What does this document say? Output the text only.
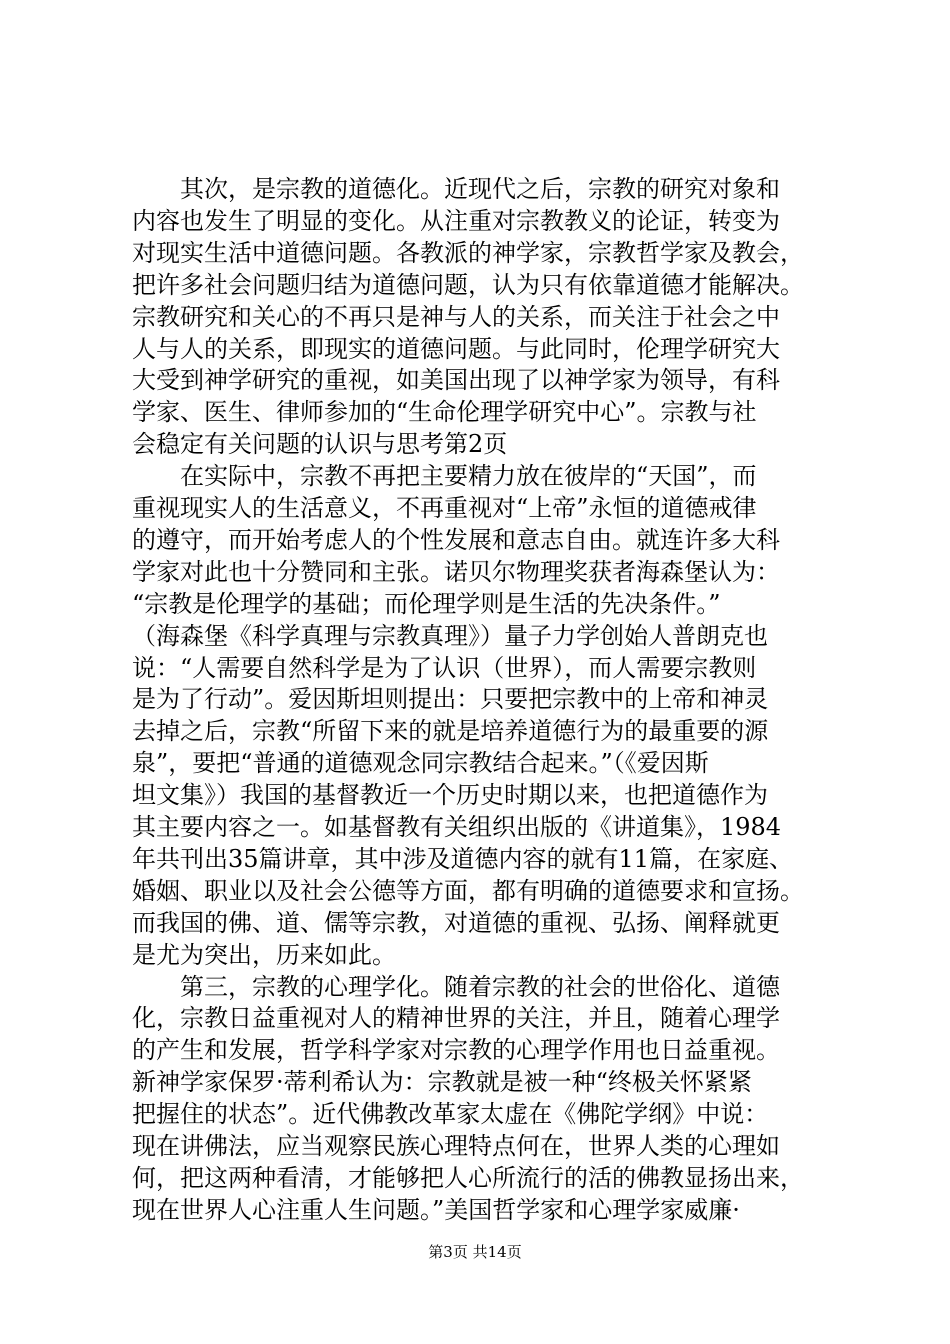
　　其次，是宗教的道德化。近现代之后，宗教的研究对象和
内容也发生了明显的变化。从注重对宗教教义的论证，转变为
对现实生活中道德问题。各教派的神学家，宗教哲学家及教会，
把许多社会问题归结为道德问题，认为只有依靠道德才能解决。
宗教研究和关心的不再只是神与人的关系，而关注于社会之中
人与人的关系，即现实的道德问题。与此同时，伦理学研究大
大受到神学研究的重视，如美国出现了以神学家为领导，有科
学家、医生、律师参加的“生命伦理学研究中心”。宗教与社
会稳定有关问题的认识与思考第2页
　　在实际中，宗教不再把主要精力放在彼岸的“天国”，而
重视现实人的生活意义，不再重视对“上帝”永恒的道德戒律
的遵守，而开始考虑人的个性发展和意志自由。就连许多大科
学家对此也十分赞同和主张。诺贝尔物理奖获者海森堡认为：
“宗教是伦理学的基础；而伦理学则是生活的先决条件。”
（海森堡《科学真理与宗教真理》）量子力学创始人普朗克也
说：“人需要自然科学是为了认识（世界），而人需要宗教则
是为了行动”。爱因斯坦则提出：只要把宗教中的上帝和神灵
去掉之后，宗教“所留下来的就是培养道德行为的最重要的源
泉”，要把“普通的道德观念同宗教结合起来。”（《爱因斯
坦文集》）我国的基督教近一个历史时期以来，也把道德作为
其主要内容之一。如基督教有关组织出版的《讲道集》，1984
年共刊出35篇讲章，其中涉及道德内容的就有11篇，在家庭、
婚姻、职业以及社会公德等方面，都有明确的道德要求和宣扬。
而我国的佛、道、儒等宗教，对道德的重视、弘扬、阐释就更
是尤为突出，历来如此。
　　第三，宗教的心理学化。随着宗教的社会的世俗化、道德
化，宗教日益重视对人的精神世界的关注，并且，随着心理学
的产生和发展，哲学科学家对宗教的心理学作用也日益重视。
新神学家保罗·蒂利希认为：宗教就是被一种“终极关怀紧紧
把握住的状态”。近代佛教改革家太虚在《佛陀学纲》中说：
现在讲佛法，应当观察民族心理特点何在，世界人类的心理如
何，把这两种看清，才能够把人心所流行的活的佛教显扬出来，
现在世界人心注重人生问题。”美国哲学家和心理学家威廉·
第3页 共14页
